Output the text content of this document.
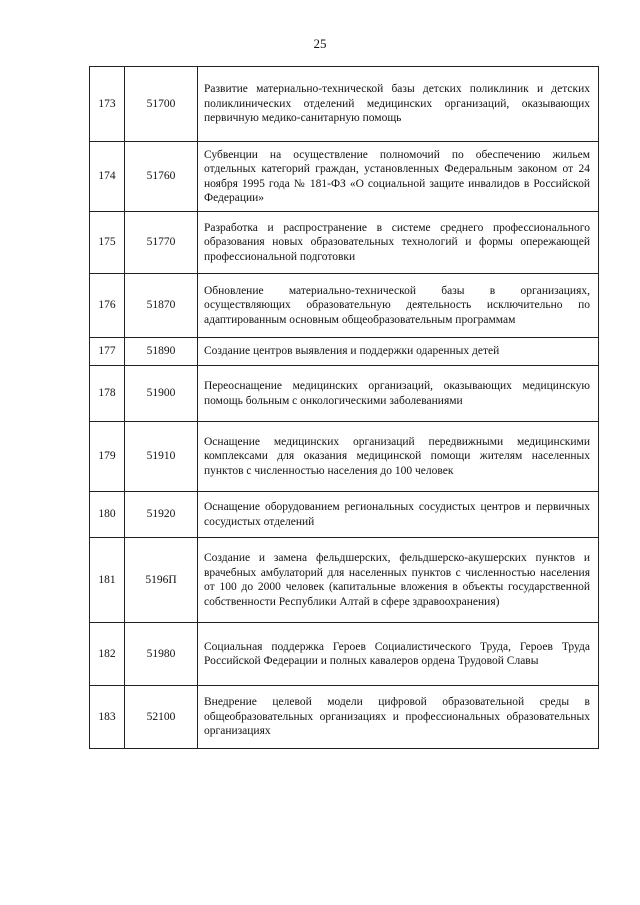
25
173	51700	Развитие материально-технической базы детских поликлиник и детских поликлинических отделений медицинских организаций, оказывающих первичную медико-санитарную помощь

174	51760	Субвенции на осуществление полномочий по обеспечению жильем отдельных категорий граждан, установленных Федеральным законом от 24 ноября 1995 года № 181-ФЗ «О социальной защите инвалидов в Российской Федерации»

175	51770	Разработка и распространение в системе среднего профессионального образования новых образовательных технологий и формы опережающей профессиональной подготовки

176	51870	Обновление материально-технической базы в организациях, осуществляющих образовательную деятельность исключительно по адаптированным основным общеобразовательным программам

177	51890	Создание центров выявления и поддержки одаренных детей

178	51900	Переоснащение медицинских организаций, оказывающих медицинскую помощь больным с онкологическими заболеваниями

179	51910	Оснащение медицинских организаций передвижными медицинскими комплексами для оказания медицинской помощи жителям населенных пунктов с численностью населения до 100 человек

180	51920	Оснащение оборудованием региональных сосудистых центров и первичных сосудистых отделений

181	5196П	Создание и замена фельдшерских, фельдшерско-акушерских пунктов и врачебных амбулаторий для населенных пунктов с численностью населения от 100 до 2000 человек (капитальные вложения в объекты государственной собственности Республики Алтай в сфере здравоохранения)

182	51980	Социальная поддержка Героев Социалистического Труда, Героев Труда Российской Федерации и полных кавалеров ордена Трудовой Славы

183	52100	Внедрение целевой модели цифровой образовательной среды в общеобразовательных организациях и профессиональных образовательных организациях
